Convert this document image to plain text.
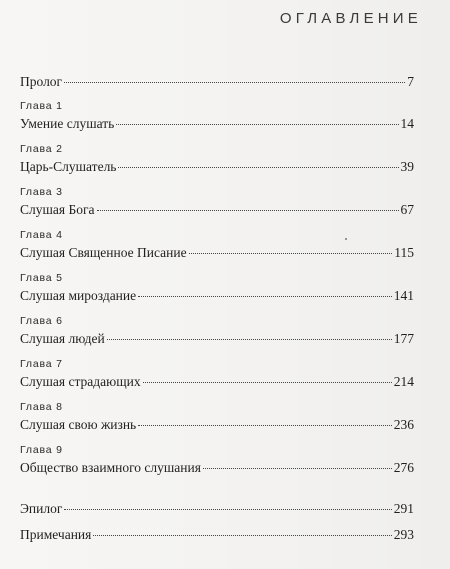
ОГЛАВЛЕНИЕ
Пролог	7
Глава 1
Умение слушать	14
Глава 2
Царь-Слушатель	39
Глава 3
Слушая Бога	67
Глава 4
Слушая Священное Писание	115
Глава 5
Слушая мироздание	141
Глава 6
Слушая людей	177
Глава 7
Слушая страдающих	214
Глава 8
Слушая свою жизнь	236
Глава 9
Общество взаимного слушания	276
Эпилог	291
Примечания	293
